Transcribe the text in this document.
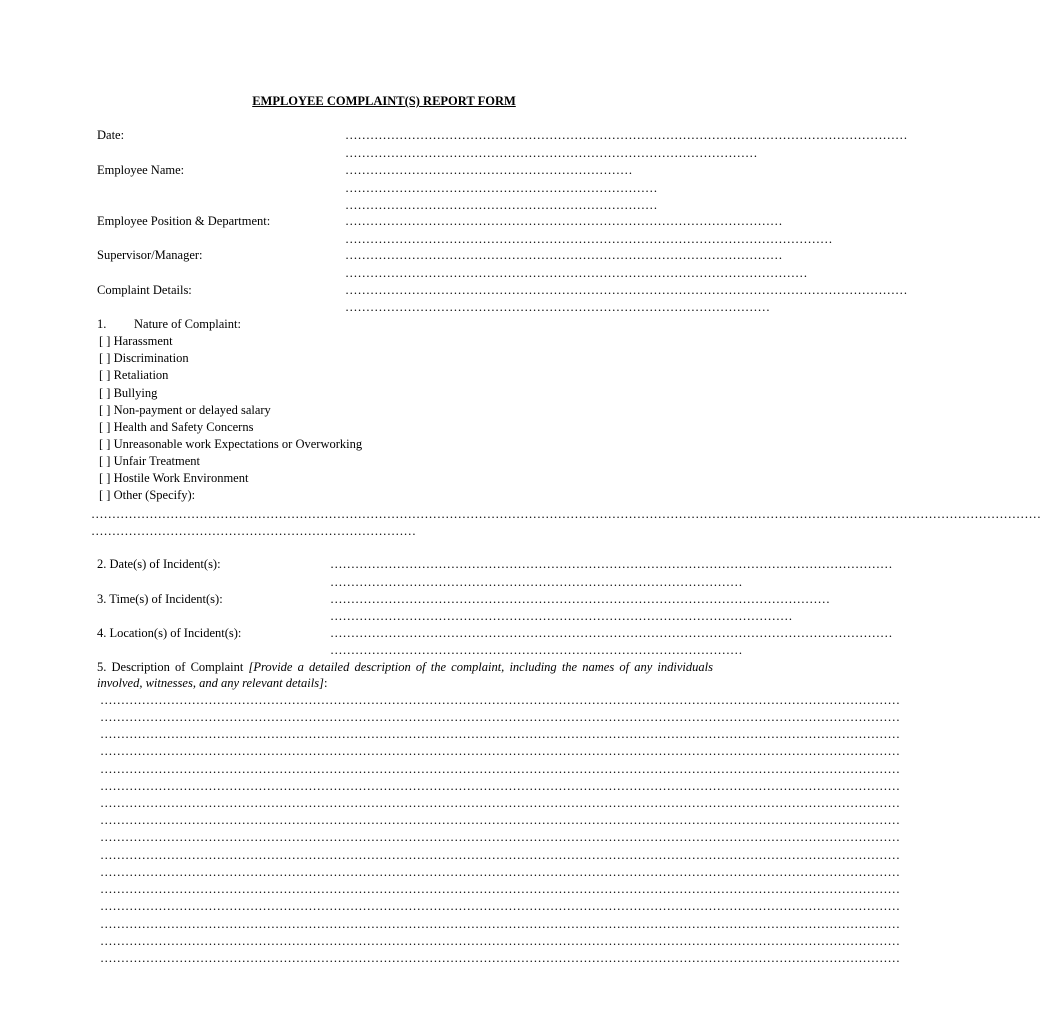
EMPLOYEE COMPLAINT(S) REPORT FORM
Date:	………………………………………………………………………………………………………………………
………………………………………………………………………………………
Employee Name:	……………………………………………………………
…………………………………………………………………
…………………………………………………………………
Employee Position & Department:	……………………………………………………………………………………………
………………………………………………………………………………………………………
Supervisor/Manager:	……………………………………………………………………………………………
…………………………………………………………………………………………………
Complaint Details:	………………………………………………………………………………………………………………………
…………………………………………………………………………………………
1. Nature of Complaint:
[ ] Harassment
[ ] Discrimination
[ ] Retaliation
[ ] Bullying
[ ] Non-payment or delayed salary
[ ] Health and Safety Concerns
[ ] Unreasonable work Expectations or Overworking
[ ] Unfair Treatment
[ ] Hostile Work Environment
[ ] Other (Specify):
…………………………………………………………………………………………………………………………………………………………………………………………………………
……………………………………………………………………
2. Date(s) of Incident(s):	………………………………………………………………………………………………………………………
………………………………………………………………………………………
3. Time(s) of Incident(s):	…………………………………………………………………………………………………………
…………………………………………………………………………………………………
4. Location(s) of Incident(s):	………………………………………………………………………………………………………………………
………………………………………………………………………………………
5. Description of Complaint [Provide a detailed description of the complaint, including the names of any individuals involved, witnesses, and any relevant details]:
…………………………………………………………………………………………………………………………………………………………………………
…………………………………………………………………………………………………………………………………………………………………………
…………………………………………………………………………………………………………………………………………………………………………
…………………………………………………………………………………………………………………………………………………………………………
…………………………………………………………………………………………………………………………………………………………………………
…………………………………………………………………………………………………………………………………………………………………………
…………………………………………………………………………………………………………………………………………………………………………
…………………………………………………………………………………………………………………………………………………………………………
…………………………………………………………………………………………………………………………………………………………………………
…………………………………………………………………………………………………………………………………………………………………………
…………………………………………………………………………………………………………………………………………………………………………
…………………………………………………………………………………………………………………………………………………………………………
…………………………………………………………………………………………………………………………………………………………………………
…………………………………………………………………………………………………………………………………………………………………………
…………………………………………………………………………………………………………………………………………………………………………
…………………………………………………………………………………………………………………………………………………………………………
